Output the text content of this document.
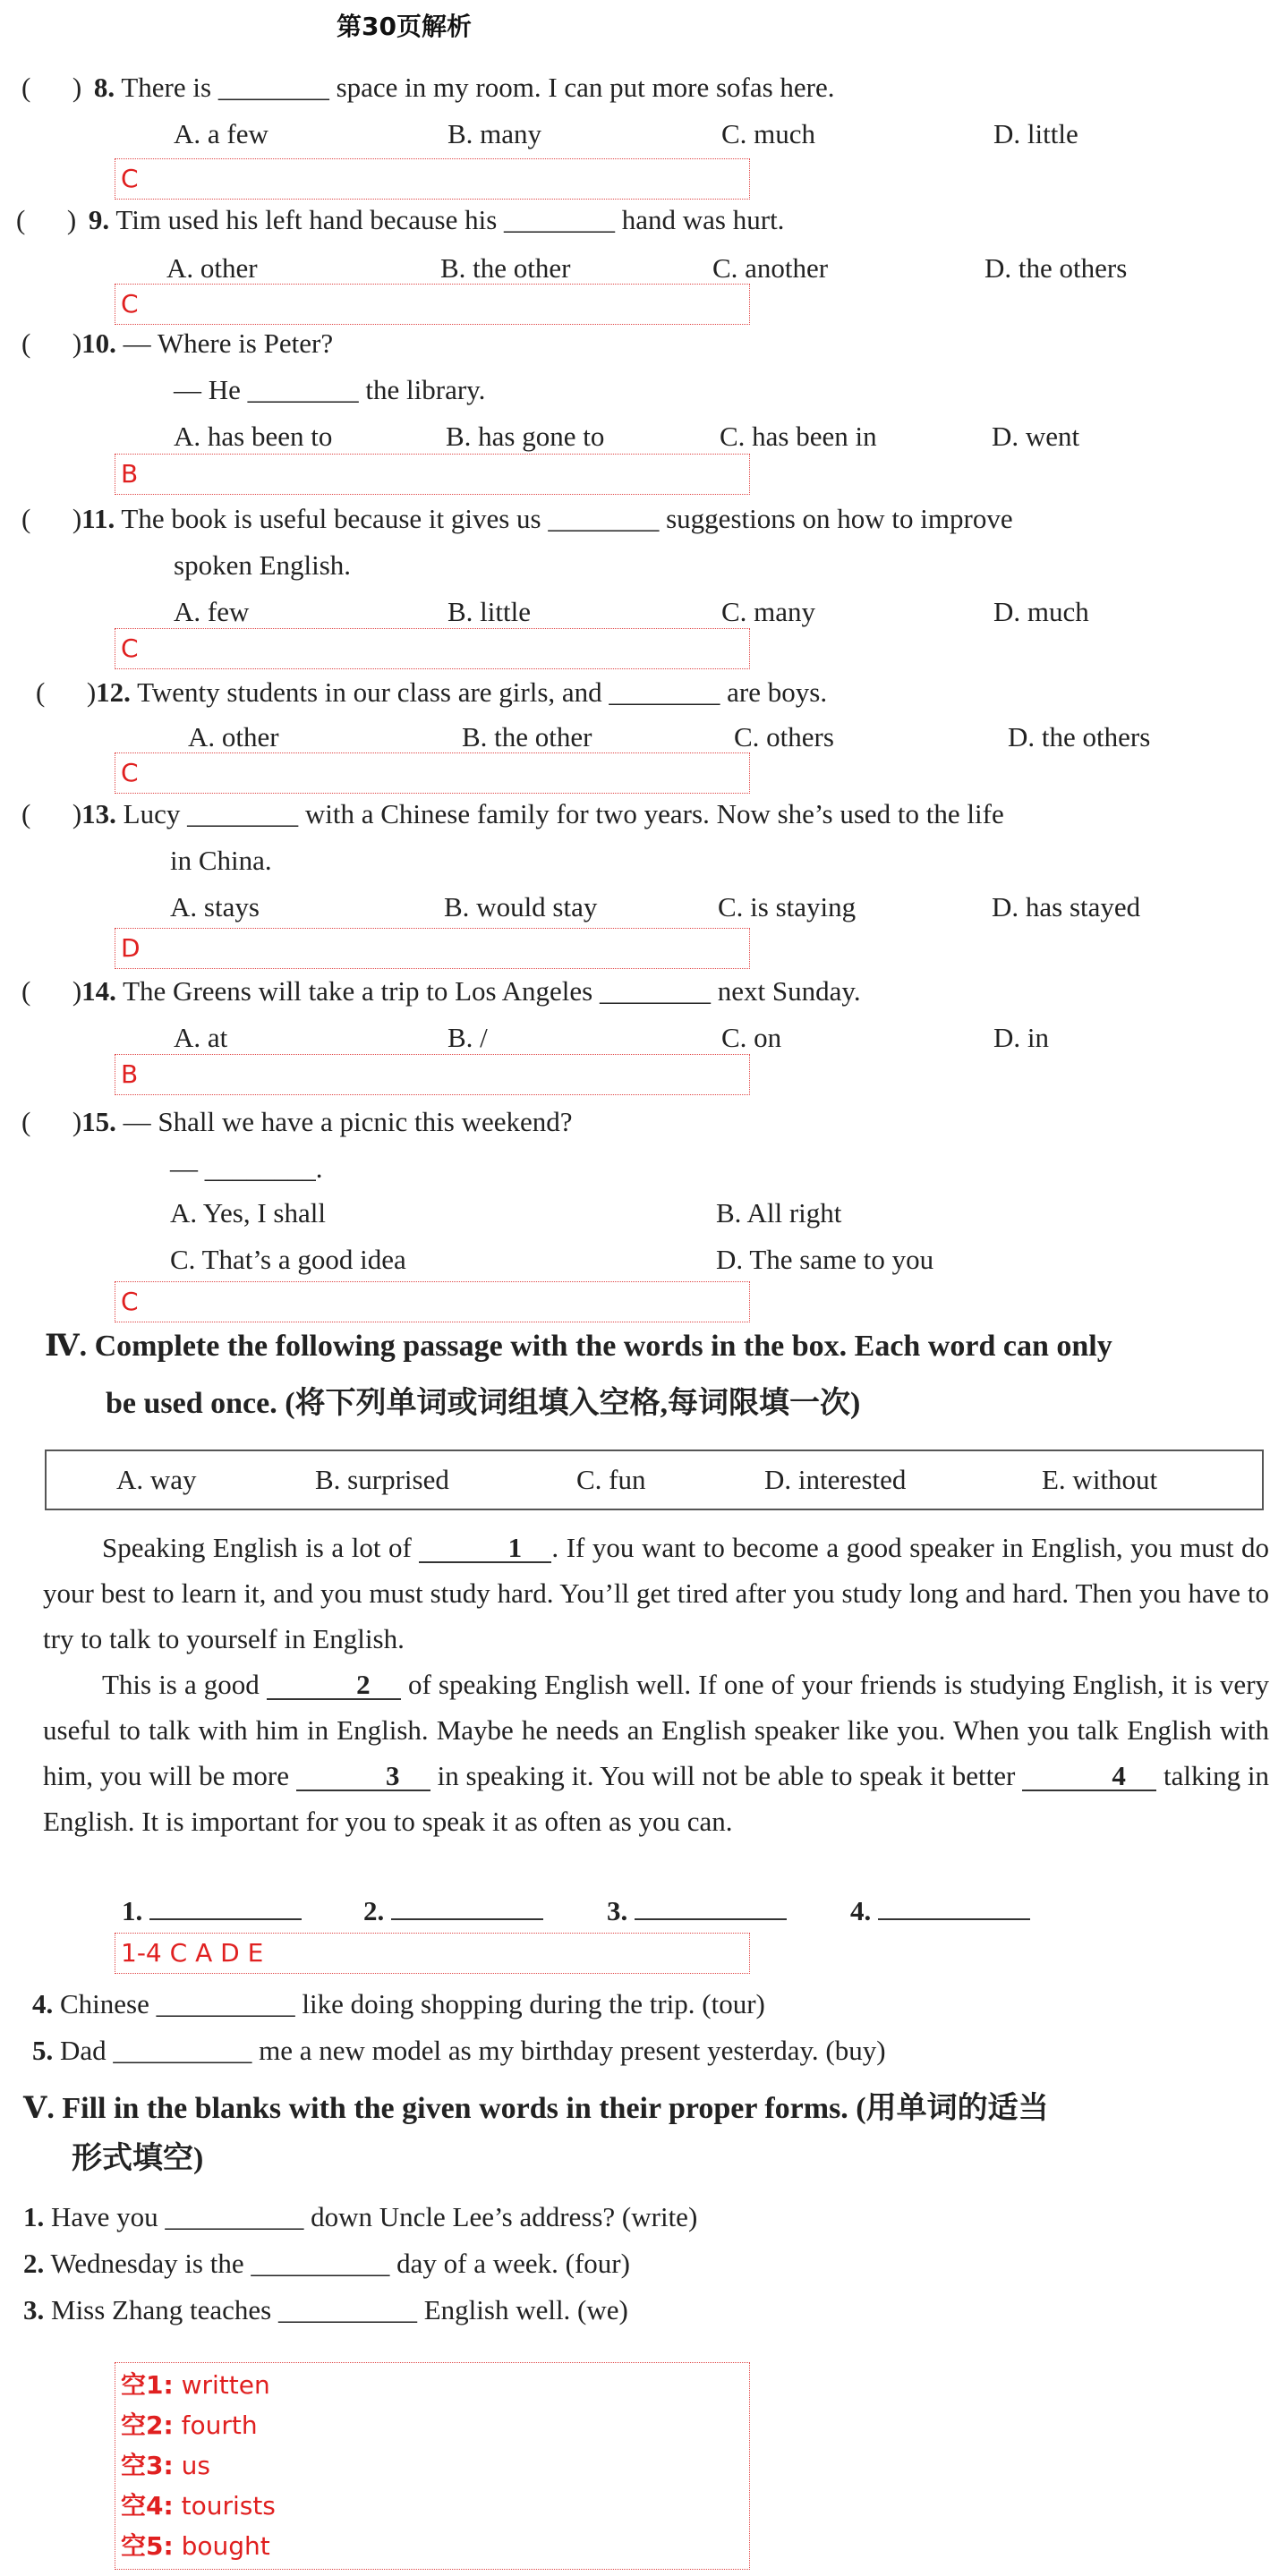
第30页解析
(      ) 8. There is ________ space in my room. I can put more sofas here.
A. a few	B. many	C. much	D. little
C
(      ) 9. Tim used his left hand because his ________ hand was hurt.
A. other	B. the other	C. another	D. the others
C
(      )10. — Where is Peter?
— He ________ the library.
A. has been to	B. has gone to	C. has been in	D. went
B
(      )11. The book is useful because it gives us ________ suggestions on how to improve
spoken English.
A. few	B. little	C. many	D. much
C
(      )12. Twenty students in our class are girls, and ________ are boys.
A. other	B. the other	C. others	D. the others
C
(      )13. Lucy ________ with a Chinese family for two years. Now she’s used to the life
in China.
A. stays	B. would stay	C. is staying	D. has stayed
D
(      )14. The Greens will take a trip to Los Angeles ________ next Sunday.
A. at	B. /	C. on	D. in
B
(      )15. — Shall we have a picnic this weekend?
— ________.
A. Yes, I shall	B. All right
C. That’s a good idea	D. The same to you
C
Ⅳ. Complete the following passage with the words in the box. Each word can only
be used once. (将下列单词或词组填入空格,每词限填一次)
A. way	B. surprised	C. fun	D. interested	E. without
Speaking English is a lot of	1 . If you want to become a good speaker in English, you must do your best to learn it, and you must study hard. You’ll get tired after you study long and hard. Then you have to try to talk to yourself in English.
This is a good	2 of speaking English well. If one of your friends is studying English, it is very useful to talk with him in English. Maybe he needs an English speaker like you. When you talk English with him, you will be more	3 in speaking it. You will not be able to speak it better	4 talking in English. It is important for you to speak it as often as you can.
1.	2.	3.	4.
1-4 C A D E
4. Chinese __________ like doing shopping during the trip. (tour)
5. Dad __________ me a new model as my birthday present yesterday. (buy)
Ⅴ. Fill in the blanks with the given words in their proper forms. (用单词的适当
形式填空)
1. Have you __________ down Uncle Lee’s address? (write)
2. Wednesday is the __________ day of a week. (four)
3. Miss Zhang teaches __________ English well. (we)
空1: written
空2: fourth
空3: us
空4: tourists
空5: bought
